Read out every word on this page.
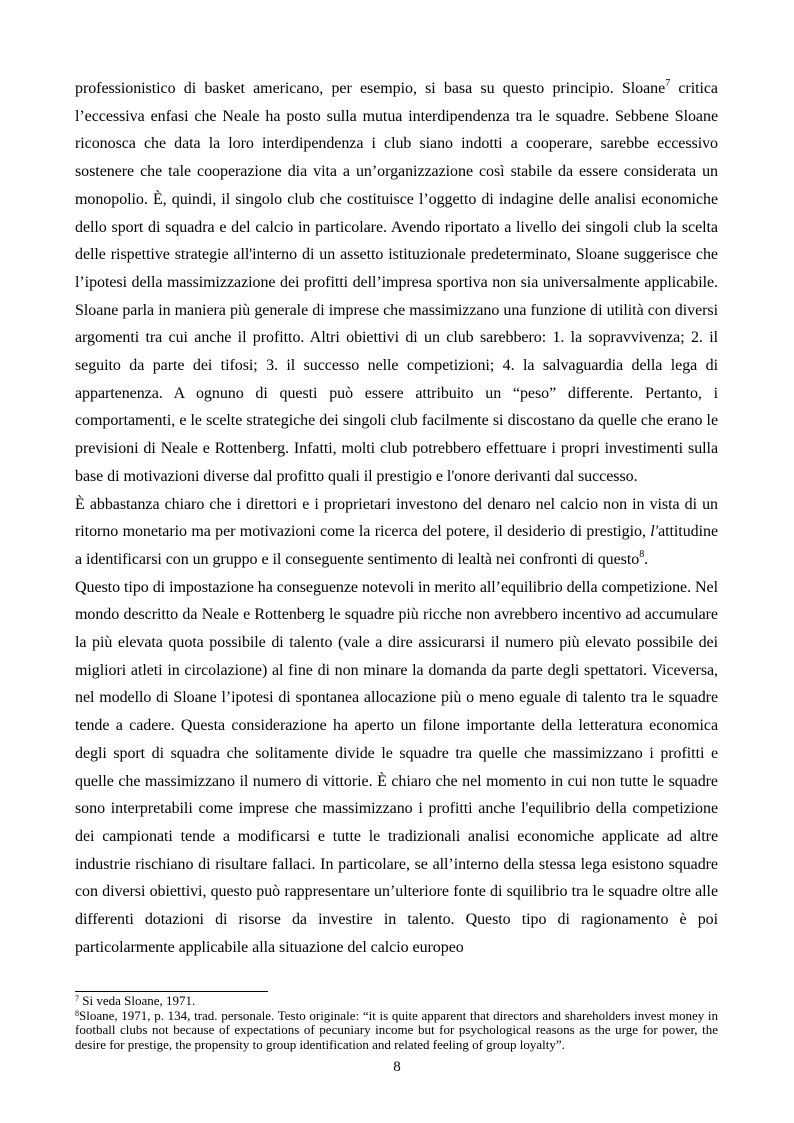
professionistico di basket americano, per esempio, si basa su questo principio. Sloane$^7$ critica l’eccessiva enfasi che Neale ha posto sulla mutua interdipendenza tra le squadre. Sebbene Sloane riconosca che data la loro interdipendenza i club siano indotti a cooperare, sarebbe eccessivo sostenere che tale cooperazione dia vita a un’organizzazione così stabile da essere considerata un monopolio. È, quindi, il singolo club che costituisce l’oggetto di indagine delle analisi economiche dello sport di squadra e del calcio in particolare. Avendo riportato a livello dei singoli club la scelta delle rispettive strategie all'interno di un assetto istituzionale predeterminato, Sloane suggerisce che l’ipotesi della massimizzazione dei profitti dell’impresa sportiva non sia universalmente applicabile. Sloane parla in maniera più generale di imprese che massimizzano una funzione di utilità con diversi argomenti tra cui anche il profitto. Altri obiettivi di un club sarebbero: 1. la sopravvivenza; 2. il seguito da parte dei tifosi; 3. il successo nelle competizioni; 4. la salvaguardia della lega di appartenenza. A ognuno di questi può essere attribuito un “peso” differente. Pertanto, i comportamenti, e le scelte strategiche dei singoli club facilmente si discostano da quelle che erano le previsioni di Neale e Rottenberg. Infatti, molti club potrebbero effettuare i propri investimenti sulla base di motivazioni diverse dal profitto quali il prestigio e l'onore derivanti dal successo.

È abbastanza chiaro che i direttori e i proprietari investono del denaro nel calcio non in vista di un ritorno monetario ma per motivazioni come la ricerca del potere, il desiderio di prestigio, l'attitudine a identificarsi con un gruppo e il conseguente sentimento di lealtà nei confronti di questo$^8$.

Questo tipo di impostazione ha conseguenze notevoli in merito all’equilibrio della competizione. Nel mondo descritto da Neale e Rottenberg le squadre più ricche non avrebbero incentivo ad accumulare la più elevata quota possibile di talento (vale a dire assicurarsi il numero più elevato possibile dei migliori atleti in circolazione) al fine di non minare la domanda da parte degli spettatori. Viceversa, nel modello di Sloane l’ipotesi di spontanea allocazione più o meno eguale di talento tra le squadre tende a cadere. Questa considerazione ha aperto un filone importante della letteratura economica degli sport di squadra che solitamente divide le squadre tra quelle che massimizzano i profitti e quelle che massimizzano il numero di vittorie. È chiaro che nel momento in cui non tutte le squadre sono interpretabili come imprese che massimizzano i profitti anche l'equilibrio della competizione dei campionati tende a modificarsi e tutte le tradizionali analisi economiche applicate ad altre industrie rischiano di risultare fallaci. In particolare, se all’interno della stessa lega esistono squadre con diversi obiettivi, questo può rappresentare un’ulteriore fonte di squilibrio tra le squadre oltre alle differenti dotazioni di risorse da investire in talento. Questo tipo di ragionamento è poi particolarmente applicabile alla situazione del calcio europeo

$^7$ Si veda Sloane, 1971.

$^8$Sloane, 1971, p. 134, trad. personale. Testo originale: “it is quite apparent that directors and shareholders invest money in football clubs not because of expectations of pecuniary income but for psychological reasons as the urge for power, the desire for prestige, the propensity to group identification and related feeling of group loyalty”.

8
